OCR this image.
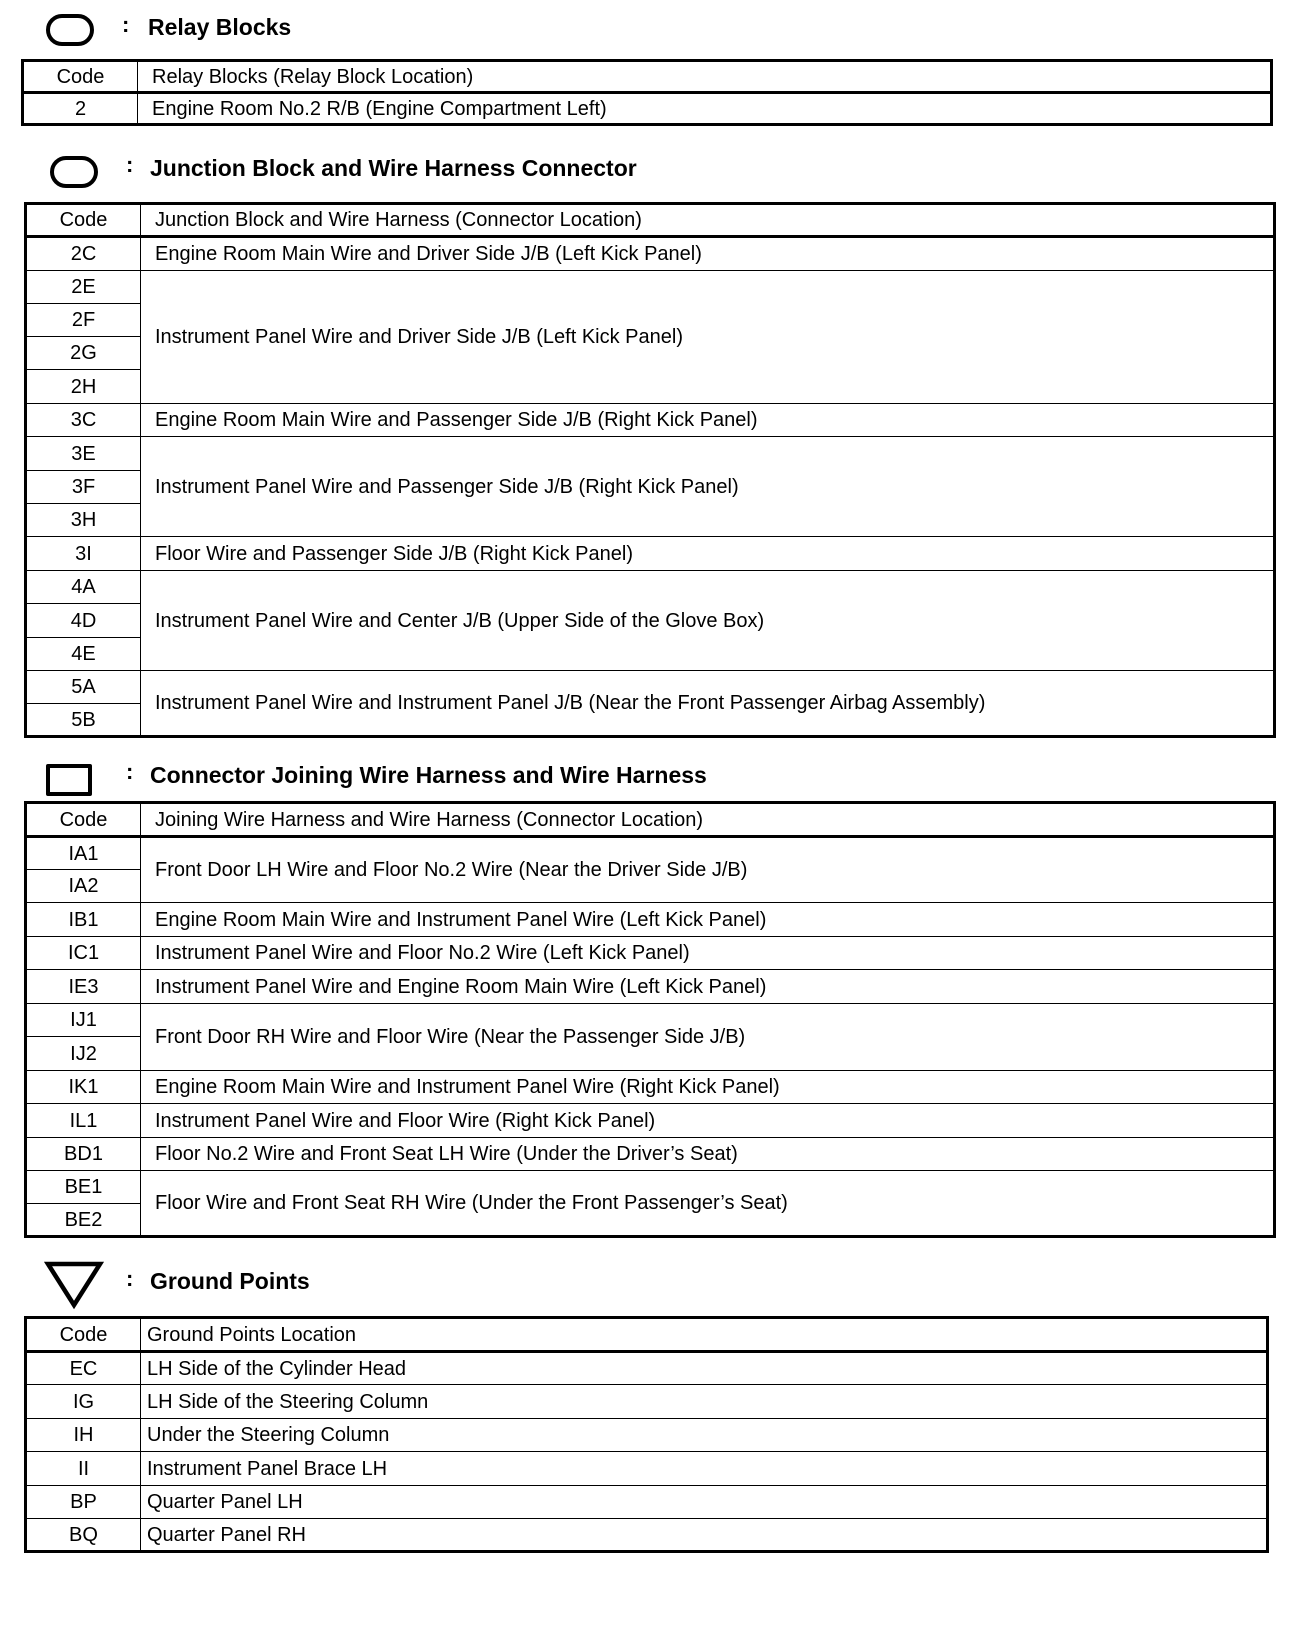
: Relay Blocks
Code	Relay Blocks (Relay Block Location)
2	Engine Room No.2 R/B (Engine Compartment Left)
: Junction Block and Wire Harness Connector
Code	Junction Block and Wire Harness (Connector Location)
2C	Engine Room Main Wire and Driver Side J/B (Left Kick Panel)
2E	Instrument Panel Wire and Driver Side J/B (Left Kick Panel)
2F	
2G	
2H	
3C	Engine Room Main Wire and Passenger Side J/B (Right Kick Panel)
3E	Instrument Panel Wire and Passenger Side J/B (Right Kick Panel)
3F	
3H	
3I	Floor Wire and Passenger Side J/B (Right Kick Panel)
4A	Instrument Panel Wire and Center J/B (Upper Side of the Glove Box)
4D	
4E	
5A	Instrument Panel Wire and Instrument Panel J/B (Near the Front Passenger Airbag Assembly)
5B	
: Connector Joining Wire Harness and Wire Harness
Code	Joining Wire Harness and Wire Harness (Connector Location)
IA1	Front Door LH Wire and Floor No.2 Wire (Near the Driver Side J/B)
IA2	
IB1	Engine Room Main Wire and Instrument Panel Wire (Left Kick Panel)
IC1	Instrument Panel Wire and Floor No.2 Wire (Left Kick Panel)
IE3	Instrument Panel Wire and Engine Room Main Wire (Left Kick Panel)
IJ1	Front Door RH Wire and Floor Wire (Near the Passenger Side J/B)
IJ2	
IK1	Engine Room Main Wire and Instrument Panel Wire (Right Kick Panel)
IL1	Instrument Panel Wire and Floor Wire (Right Kick Panel)
BD1	Floor No.2 Wire and Front Seat LH Wire (Under the Driver’s Seat)
BE1	Floor Wire and Front Seat RH Wire (Under the Front Passenger’s Seat)
BE2	
: Ground Points
Code	Ground Points Location
EC	LH Side of the Cylinder Head
IG	LH Side of the Steering Column
IH	Under the Steering Column
II	Instrument Panel Brace LH
BP	Quarter Panel LH
BQ	Quarter Panel RH
